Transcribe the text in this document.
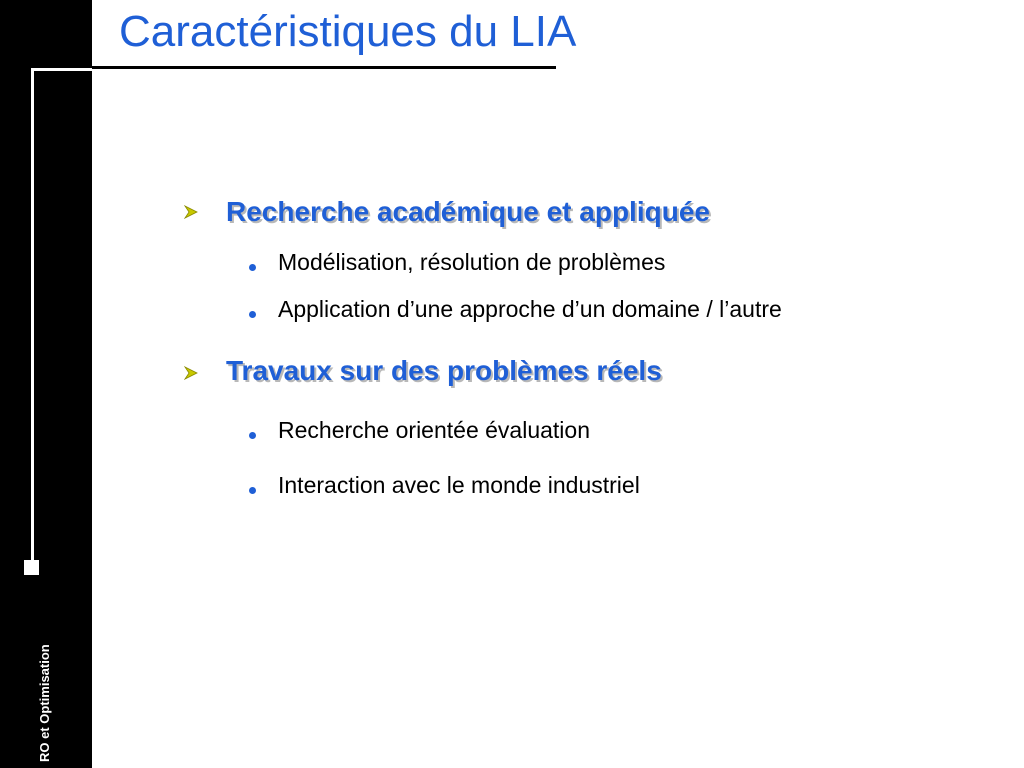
RO et Optimisation
Caractéristiques du LIA
Recherche académique et appliquée
Modélisation, résolution de problèmes
Application d’une approche d’un domaine / l’autre
Travaux sur des problèmes réels
Recherche orientée évaluation
Interaction avec le monde industriel
